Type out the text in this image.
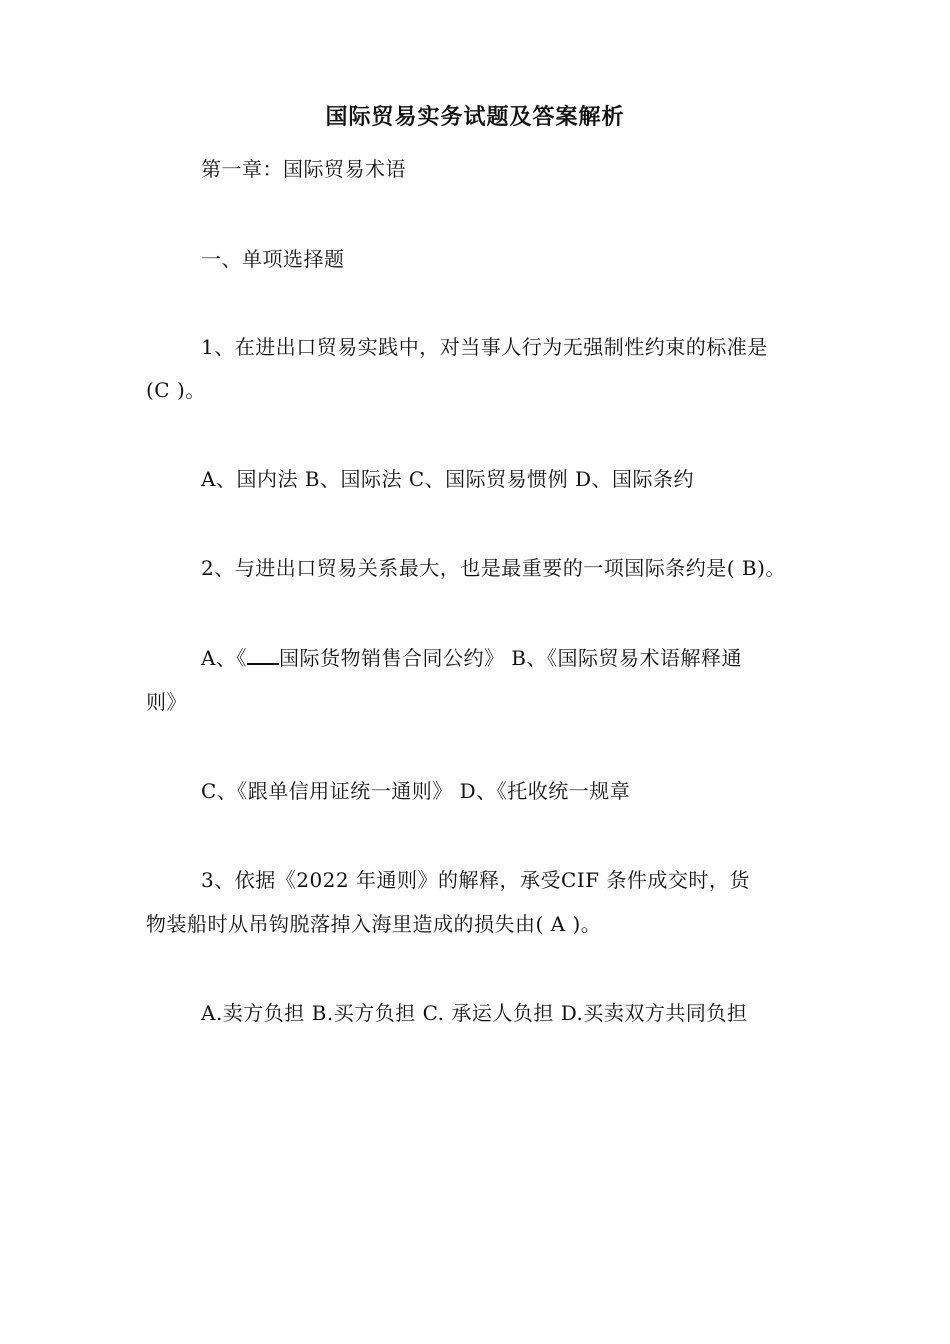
国际贸易实务试题及答案解析
第一章：国际贸易术语
一、单项选择题
1、在进出口贸易实践中，对当事人行为无强制性约束的标准是
(C )。
A、国内法 B、国际法 C、国际贸易惯例 D、国际条约
2、与进出口贸易关系最大，也是最重要的一项国际条约是( B)。
A、《 国际货物销售合同公约》 B、《国际贸易术语解释通
则》
C、《跟单信用证统一通则》 D、《托收统一规章
3、依据《2022 年通则》的解释，承受CIF 条件成交时，货
物装船时从吊钩脱落掉入海里造成的损失由( A )。
A.卖方负担 B.买方负担 C. 承运人负担 D.买卖双方共同负担
